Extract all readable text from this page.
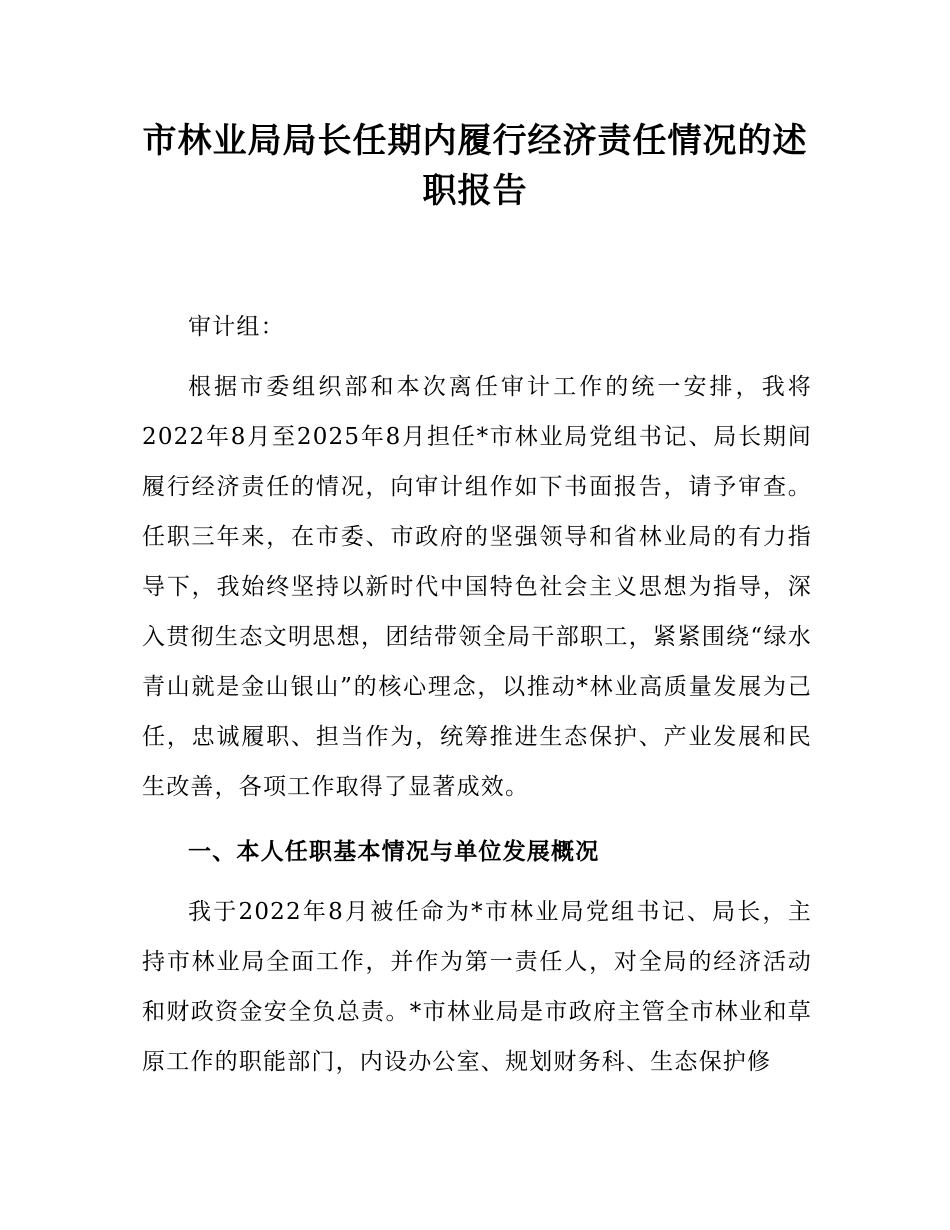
市林业局局长任期内履行经济责任情况的述职报告

审计组：

根据市委组织部和本次离任审计工作的统一安排，我将2022年8月至2025年8月担任*市林业局党组书记、局长期间履行经济责任的情况，向审计组作如下书面报告，请予审查。任职三年来，在市委、市政府的坚强领导和省林业局的有力指导下，我始终坚持以新时代中国特色社会主义思想为指导，深入贯彻生态文明思想，团结带领全局干部职工，紧紧围绕“绿水青山就是金山银山”的核心理念，以推动*林业高质量发展为己任，忠诚履职、担当作为，统筹推进生态保护、产业发展和民生改善，各项工作取得了显著成效。

一、本人任职基本情况与单位发展概况

我于2022年8月被任命为*市林业局党组书记、局长，主持市林业局全面工作，并作为第一责任人，对全局的经济活动和财政资金安全负总责。*市林业局是市政府主管全市林业和草原工作的职能部门，内设办公室、规划财务科、生态保护修
